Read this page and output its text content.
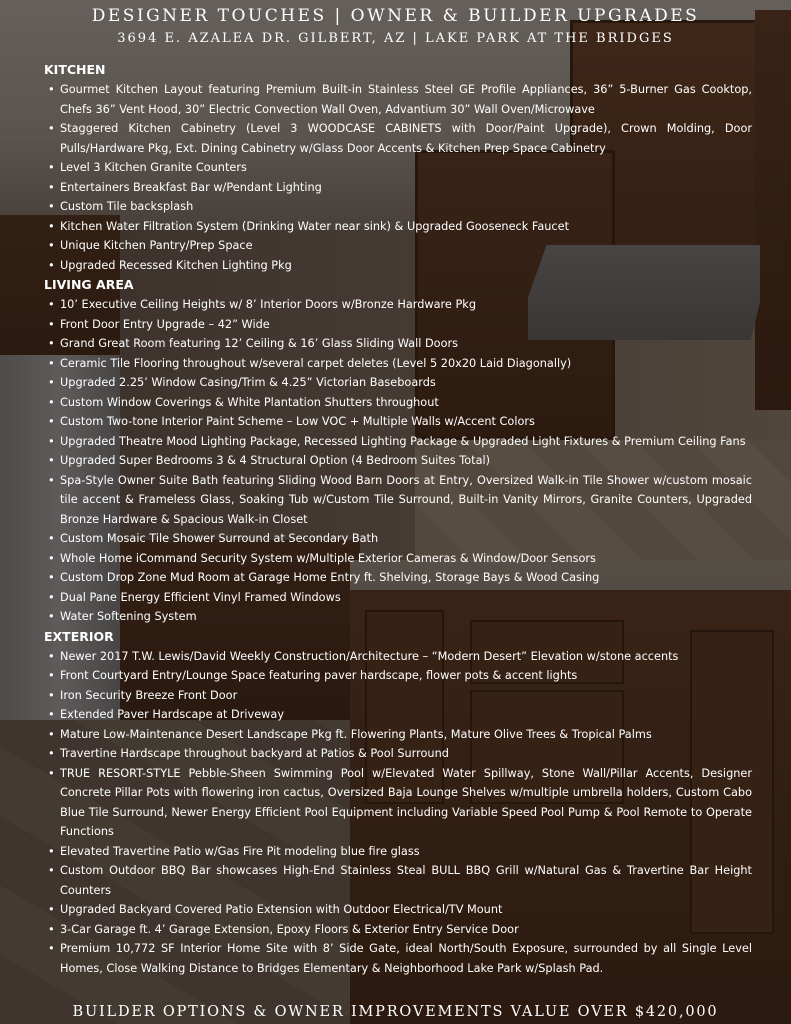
DESIGNER TOUCHES | OWNER & BUILDER UPGRADES
3694 E. AZALEA DR. GILBERT, AZ | LAKE PARK AT THE BRIDGES
KITCHEN
• Gourmet Kitchen Layout featuring Premium Built-in Stainless Steel GE Profile Appliances, 36” 5-Burner Gas Cooktop, Chefs 36” Vent Hood, 30” Electric Convection Wall Oven, Advantium 30” Wall Oven/Microwave
• Staggered Kitchen Cabinetry (Level 3 WOODCASE CABINETS with Door/Paint Upgrade), Crown Molding, Door Pulls/Hardware Pkg, Ext. Dining Cabinetry w/Glass Door Accents & Kitchen Prep Space Cabinetry
• Level 3 Kitchen Granite Counters
• Entertainers Breakfast Bar w/Pendant Lighting
• Custom Tile backsplash
• Kitchen Water Filtration System (Drinking Water near sink) & Upgraded Gooseneck Faucet
• Unique Kitchen Pantry/Prep Space
• Upgraded Recessed Kitchen Lighting Pkg
LIVING AREA
• 10’ Executive Ceiling Heights w/ 8’ Interior Doors w/Bronze Hardware Pkg
• Front Door Entry Upgrade – 42” Wide
• Grand Great Room featuring 12’ Ceiling & 16’ Glass Sliding Wall Doors
• Ceramic Tile Flooring throughout w/several carpet deletes (Level 5 20x20 Laid Diagonally)
• Upgraded 2.25’ Window Casing/Trim & 4.25” Victorian Baseboards
• Custom Window Coverings & White Plantation Shutters throughout
• Custom Two-tone Interior Paint Scheme – Low VOC + Multiple Walls w/Accent Colors
• Upgraded Theatre Mood Lighting Package, Recessed Lighting Package & Upgraded Light Fixtures & Premium Ceiling Fans
• Upgraded Super Bedrooms 3 & 4 Structural Option (4 Bedroom Suites Total)
• Spa-Style Owner Suite Bath featuring Sliding Wood Barn Doors at Entry, Oversized Walk-in Tile Shower w/custom mosaic tile accent & Frameless Glass, Soaking Tub w/Custom Tile Surround, Built-in Vanity Mirrors, Granite Counters, Upgraded Bronze Hardware & Spacious Walk-in Closet
• Custom Mosaic Tile Shower Surround at Secondary Bath
• Whole Home iCommand Security System w/Multiple Exterior Cameras & Window/Door Sensors
• Custom Drop Zone Mud Room at Garage Home Entry ft. Shelving, Storage Bays & Wood Casing
• Dual Pane Energy Efficient Vinyl Framed Windows
• Water Softening System
EXTERIOR
• Newer 2017 T.W. Lewis/David Weekly Construction/Architecture – “Modern Desert” Elevation w/stone accents
• Front Courtyard Entry/Lounge Space featuring paver hardscape, flower pots & accent lights
• Iron Security Breeze Front Door
• Extended Paver Hardscape at Driveway
• Mature Low-Maintenance Desert Landscape Pkg ft. Flowering Plants, Mature Olive Trees & Tropical Palms
• Travertine Hardscape throughout backyard at Patios & Pool Surround
• TRUE RESORT-STYLE Pebble-Sheen Swimming Pool w/Elevated Water Spillway, Stone Wall/Pillar Accents, Designer Concrete Pillar Pots with flowering iron cactus, Oversized Baja Lounge Shelves w/multiple umbrella holders, Custom Cabo Blue Tile Surround, Newer Energy Efficient Pool Equipment including Variable Speed Pool Pump & Pool Remote to Operate Functions
• Elevated Travertine Patio w/Gas Fire Pit modeling blue fire glass
• Custom Outdoor BBQ Bar showcases High-End Stainless Steal BULL BBQ Grill w/Natural Gas & Travertine Bar Height Counters
• Upgraded Backyard Covered Patio Extension with Outdoor Electrical/TV Mount
• 3-Car Garage ft. 4’ Garage Extension, Epoxy Floors & Exterior Entry Service Door
• Premium 10,772 SF Interior Home Site with 8’ Side Gate, ideal North/South Exposure, surrounded by all Single Level Homes, Close Walking Distance to Bridges Elementary & Neighborhood Lake Park w/Splash Pad.
BUILDER OPTIONS & OWNER IMPROVEMENTS VALUE OVER $420,000
